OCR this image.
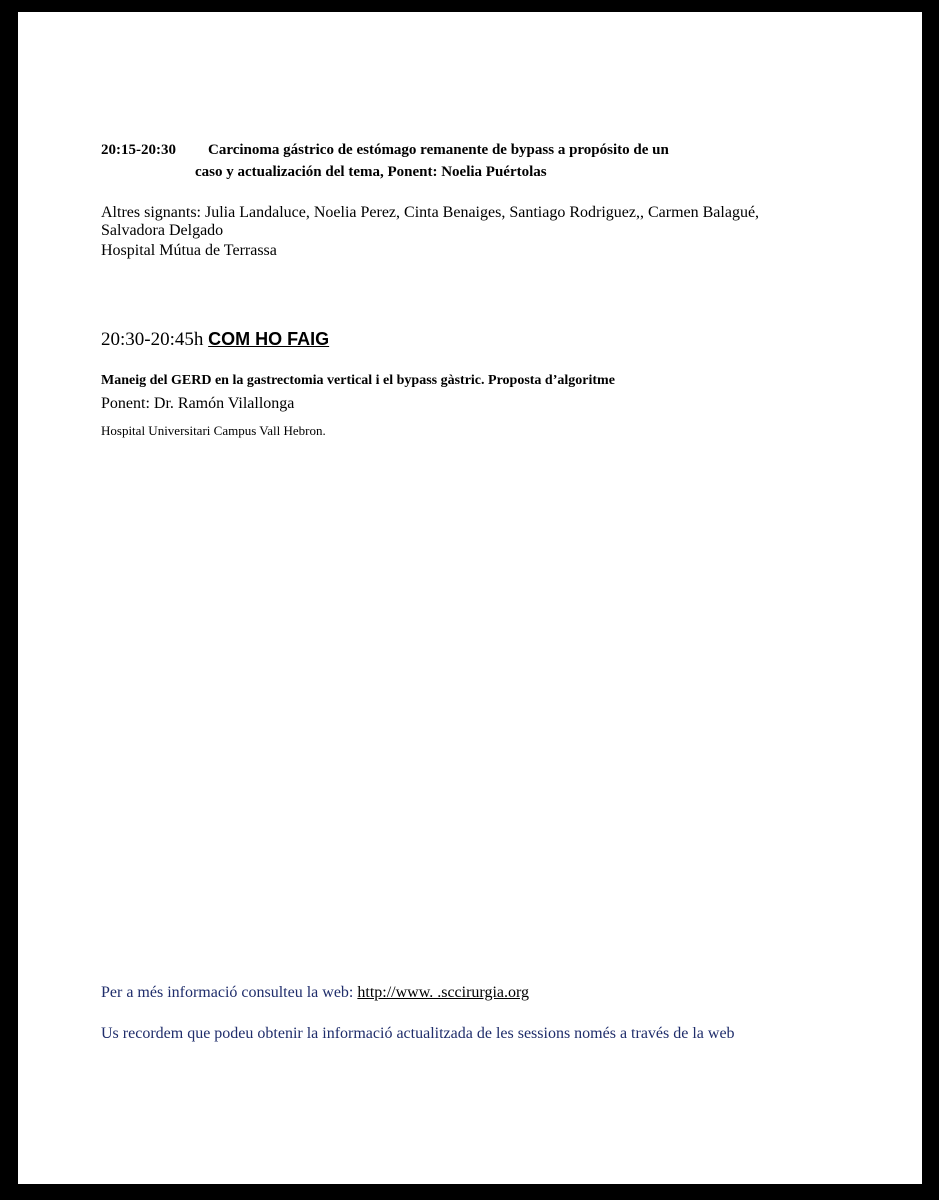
20:15-20:30 Carcinoma gástrico de estómago remanente de bypass a propósito de un
caso y actualización del tema, Ponent: Noelia Puértolas
Altres signants: Julia Landaluce, Noelia Perez, Cinta Benaiges, Santiago Rodriguez,, Carmen Balagué,
Salvadora Delgado
Hospital Mútua de Terrassa
20:30-20:45h COM HO FAIG
Maneig del GERD en la gastrectomia vertical i el bypass gàstric. Proposta d’algoritme
Ponent: Dr. Ramón Vilallonga
Hospital Universitari Campus Vall Hebron.
Per a més informació consulteu la web: http://www. .sccirurgia.org
Us recordem que podeu obtenir la informació actualitzada de les sessions només a través de la web
